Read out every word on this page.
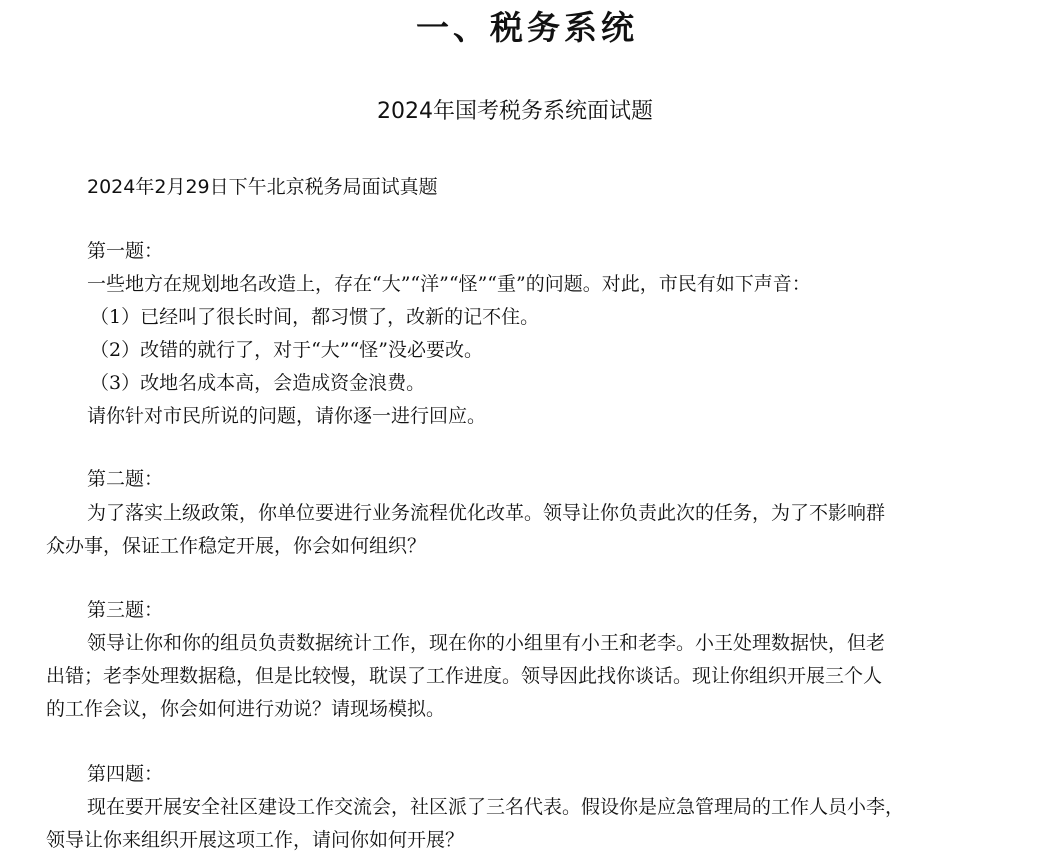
一、税务系统
2024年国考税务系统面试题
2024年2月29日下午北京税务局面试真题
第一题：
一些地方在规划地名改造上，存在“大”“洋”“怪”“重”的问题。对此，市民有如下声音：
（1）已经叫了很长时间，都习惯了，改新的记不住。
（2）改错的就行了，对于“大”“怪”没必要改。
（3）改地名成本高，会造成资金浪费。
请你针对市民所说的问题，请你逐一进行回应。
第二题：
为了落实上级政策，你单位要进行业务流程优化改革。领导让你负责此次的任务，为了不影响群
众办事，保证工作稳定开展，你会如何组织？
第三题：
领导让你和你的组员负责数据统计工作，现在你的小组里有小王和老李。小王处理数据快，但老
出错；老李处理数据稳，但是比较慢，耽误了工作进度。领导因此找你谈话。现让你组织开展三个人
的工作会议，你会如何进行劝说？请现场模拟。
第四题：
现在要开展安全社区建设工作交流会，社区派了三名代表。假设你是应急管理局的工作人员小李，
领导让你来组织开展这项工作，请问你如何开展？
